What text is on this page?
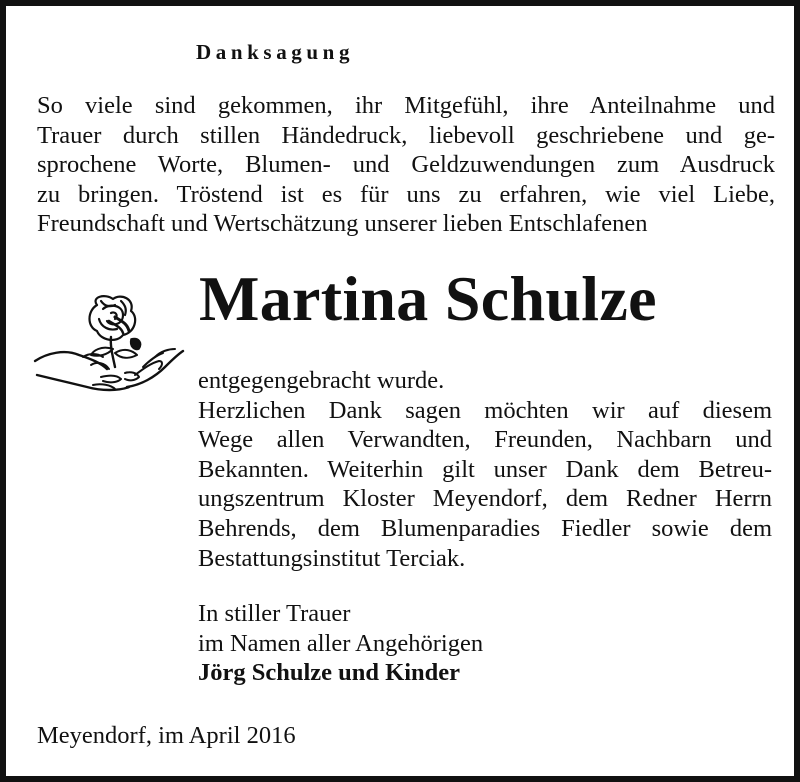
Danksagung

So viele sind gekommen, ihr Mitgefühl, ihre Anteilnahme und
Trauer durch stillen Händedruck, liebevoll geschriebene und ge-
sprochene Worte, Blumen- und Geldzuwendungen zum Ausdruck
zu bringen. Tröstend ist es für uns zu erfahren, wie viel Liebe,
Freundschaft und Wertschätzung unserer lieben Entschlafenen

Martina Schulze

entgegengebracht wurde.
Herzlichen Dank sagen möchten wir auf diesem
Wege allen Verwandten, Freunden, Nachbarn und
Bekannten. Weiterhin gilt unser Dank dem Betreu-
ungszentrum Kloster Meyendorf, dem Redner Herrn
Behrends, dem Blumenparadies Fiedler sowie dem
Bestattungsinstitut Terciak.

In stiller Trauer
im Namen aller Angehörigen
Jörg Schulze und Kinder

Meyendorf, im April 2016
